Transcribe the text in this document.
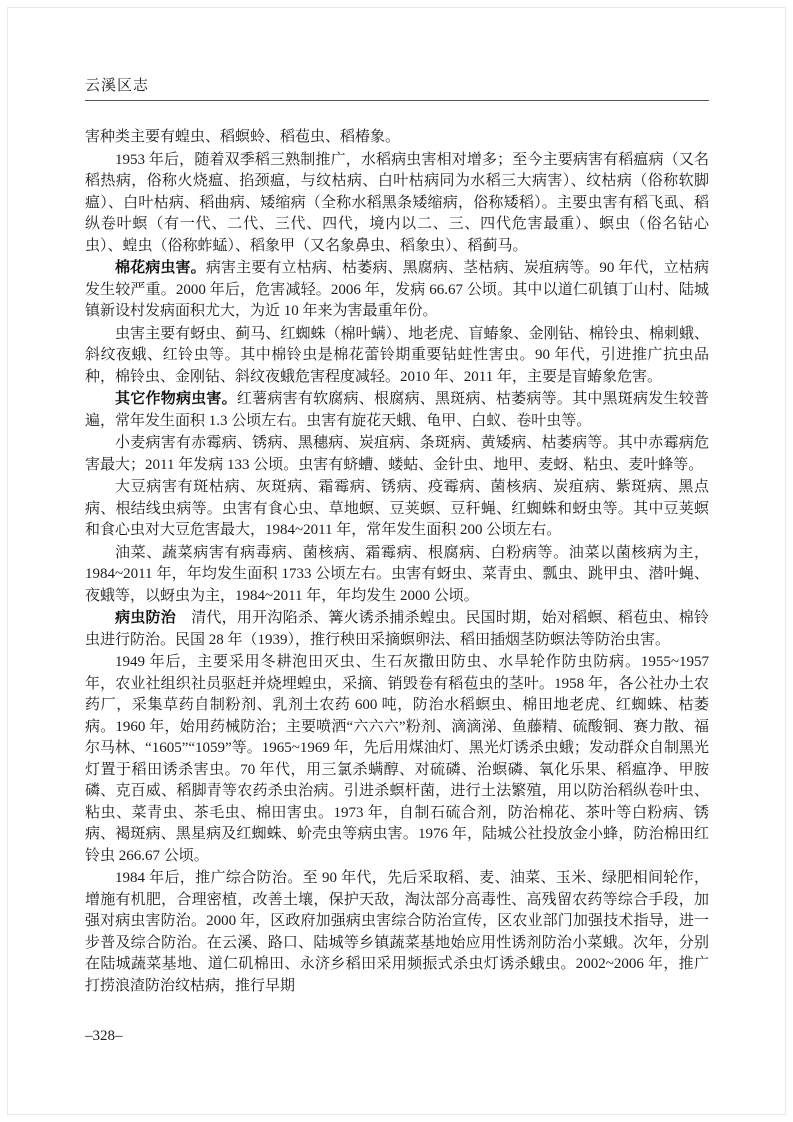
云溪区志

害种类主要有蝗虫、稻螟蛉、稻苞虫、稻椿象。

1953 年后，随着双季稻三熟制推广，水稻病虫害相对增多；至今主要病害有稻瘟病（又名稻热病，俗称火烧瘟、掐颈瘟，与纹枯病、白叶枯病同为水稻三大病害）、纹枯病（俗称软脚瘟）、白叶枯病、稻曲病、矮缩病（全称水稻黑条矮缩病，俗称矮稻）。主要虫害有稻飞虱、稻纵卷叶螟（有一代、二代、三代、四代，境内以二、三、四代危害最重）、螟虫（俗名钻心虫）、蝗虫（俗称蚱蜢）、稻象甲（又名象鼻虫、稻象虫）、稻蓟马。

棉花病虫害。病害主要有立枯病、枯萎病、黑腐病、茎枯病、炭疽病等。90 年代，立枯病发生较严重。2000 年后，危害减轻。2006 年，发病 66.67 公顷。其中以道仁矶镇丁山村、陆城镇新设村发病面积尤大，为近 10 年来为害最重年份。

虫害主要有蚜虫、蓟马、红蜘蛛（棉叶螨）、地老虎、盲蝽象、金刚钻、棉铃虫、棉刺蛾、斜纹夜蛾、红铃虫等。其中棉铃虫是棉花蕾铃期重要钻蛀性害虫。90 年代，引进推广抗虫品种，棉铃虫、金刚钻、斜纹夜蛾危害程度减轻。2010 年、2011 年，主要是盲蝽象危害。

其它作物病虫害。红薯病害有软腐病、根腐病、黑斑病、枯萎病等。其中黑斑病发生较普遍，常年发生面积 1.3 公顷左右。虫害有旋花天蛾、龟甲、白蚁、卷叶虫等。

小麦病害有赤霉病、锈病、黑穗病、炭疽病、条斑病、黄矮病、枯萎病等。其中赤霉病危害最大；2011 年发病 133 公顷。虫害有蛴螬、蝼蛄、金针虫、地甲、麦蚜、粘虫、麦叶蜂等。

大豆病害有斑枯病、灰斑病、霜霉病、锈病、疫霉病、菌核病、炭疽病、紫斑病、黑点病、根结线虫病等。虫害有食心虫、草地螟、豆荚螟、豆秆蝇、红蜘蛛和蚜虫等。其中豆荚螟和食心虫对大豆危害最大，1984~2011 年，常年发生面积 200 公顷左右。

油菜、蔬菜病害有病毒病、菌核病、霜霉病、根腐病、白粉病等。油菜以菌核病为主，1984~2011 年，年均发生面积 1733 公顷左右。虫害有蚜虫、菜青虫、瓢虫、跳甲虫、潜叶蝇、夜蛾等，以蚜虫为主，1984~2011 年，年均发生 2000 公顷。

病虫防治　清代，用开沟陷杀、篝火诱杀捕杀蝗虫。民国时期，始对稻螟、稻苞虫、棉铃虫进行防治。民国 28 年（1939），推行秧田采摘螟卵法、稻田插烟茎防螟法等防治虫害。

1949 年后，主要采用冬耕泡田灭虫、生石灰撒田防虫、水旱轮作防虫防病。1955~1957 年，农业社组织社员驱赶并烧埋蝗虫，采摘、销毁卷有稻苞虫的茎叶。1958 年，各公社办土农药厂，采集草药自制粉剂、乳剂土农药 600 吨，防治水稻螟虫、棉田地老虎、红蜘蛛、枯萎病。1960 年，始用药械防治；主要喷洒“六六六”粉剂、滴滴涕、鱼藤精、硫酸铜、赛力散、福尔马林、“1605”“1059”等。1965~1969 年，先后用煤油灯、黑光灯诱杀虫蛾；发动群众自制黑光灯置于稻田诱杀害虫。70 年代，用三氯杀螨醇、对硫磷、治螟磷、氧化乐果、稻瘟净、甲胺磷、克百威、稻脚青等农药杀虫治病。引进杀螟杆菌，进行土法繁殖，用以防治稻纵卷叶虫、粘虫、菜青虫、茶毛虫、棉田害虫。1973 年，自制石硫合剂，防治棉花、茶叶等白粉病、锈病、褐斑病、黑星病及红蜘蛛、蚧壳虫等病虫害。1976 年，陆城公社投放金小蜂，防治棉田红铃虫 266.67 公顷。

1984 年后，推广综合防治。至 90 年代，先后采取稻、麦、油菜、玉米、绿肥相间轮作，增施有机肥，合理密植，改善土壤，保护天敌，淘汰部分高毒性、高残留农药等综合手段，加强对病虫害防治。2000 年，区政府加强病虫害综合防治宣传，区农业部门加强技术指导，进一步普及综合防治。在云溪、路口、陆城等乡镇蔬菜基地始应用性诱剂防治小菜蛾。次年，分别在陆城蔬菜基地、道仁矶棉田、永济乡稻田采用频振式杀虫灯诱杀蛾虫。2002~2006 年，推广打捞浪渣防治纹枯病，推行早期

–328–
